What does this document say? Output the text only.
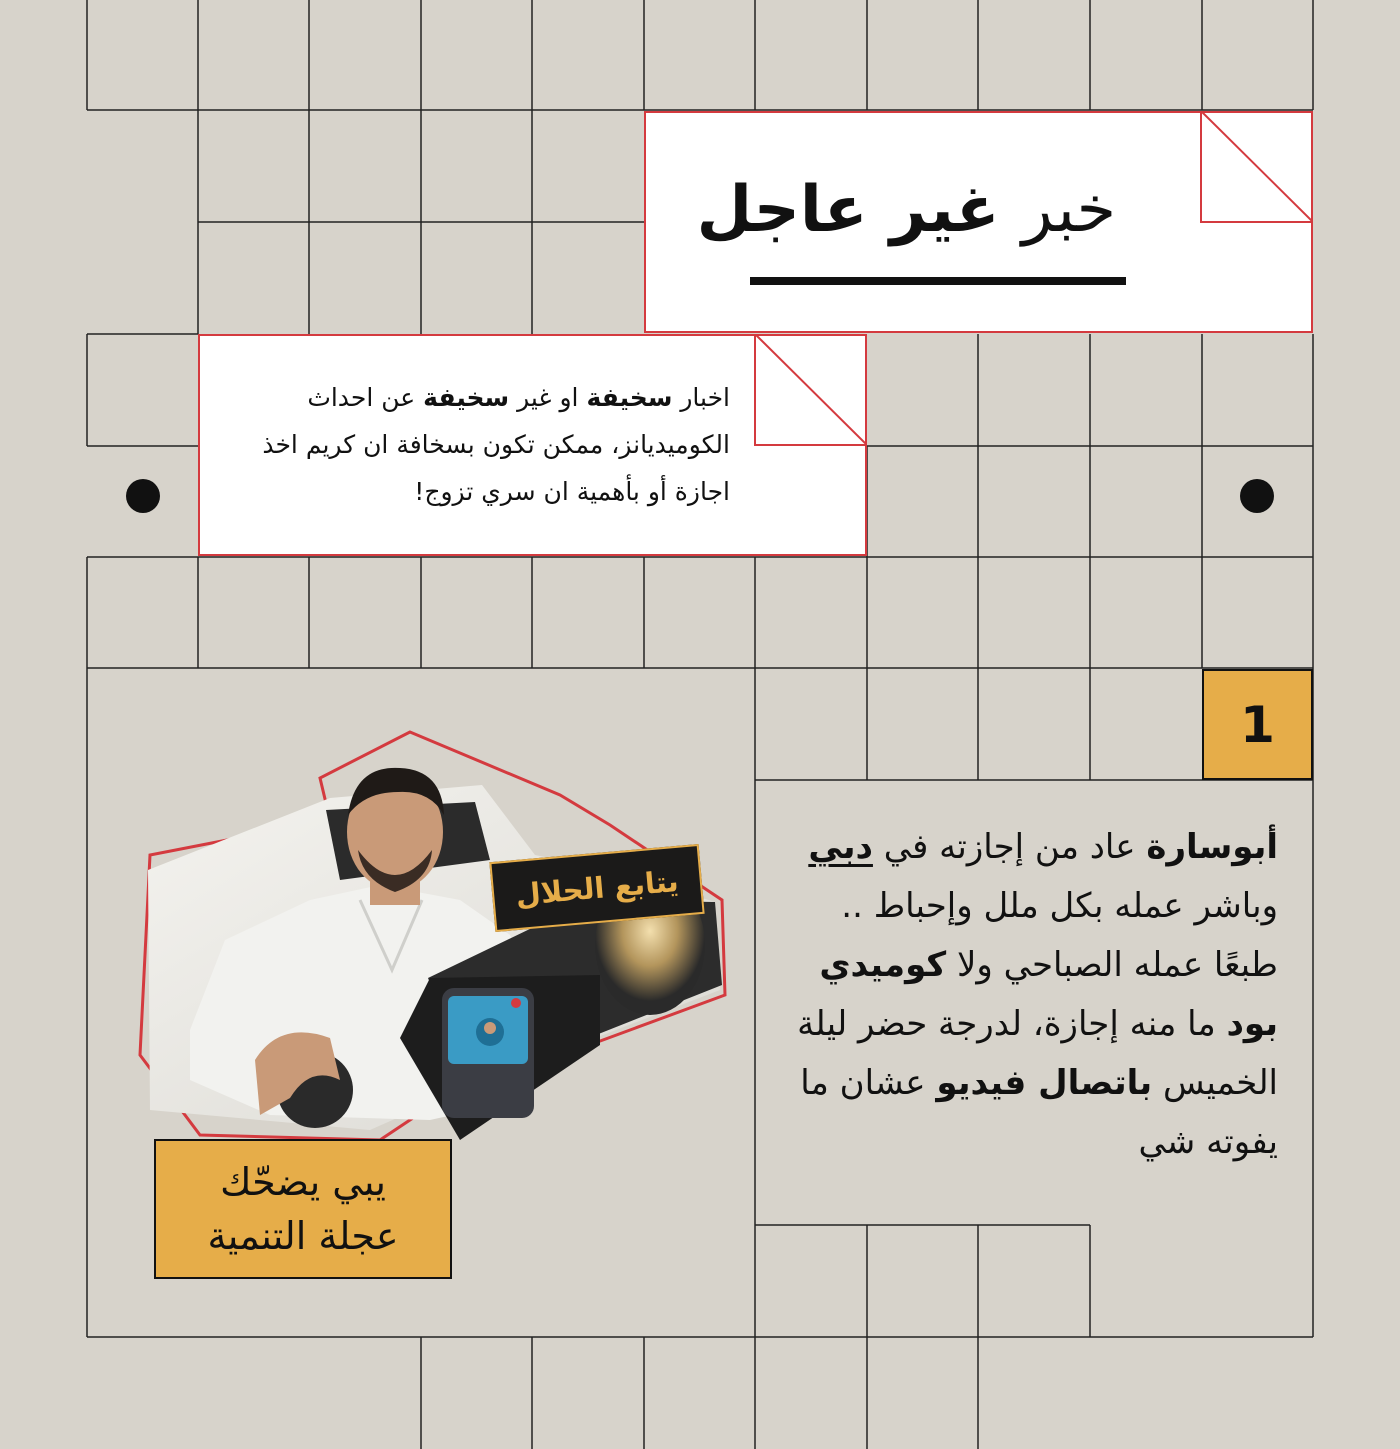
خبر غير عاجل
اخبار سخيفة او غير سخيفة عن احداث الكوميديانز، ممكن تكون بسخافة ان كريم اخذ اجازة أو بأهمية ان سري تزوج!
1
أبوسارة عاد من إجازته في دبي وباشر عمله بكل ملل وإحباط .. طبعًا عمله الصباحي ولا كوميدي بود ما منه إجازة، لدرجة حضر ليلة الخميس باتصال فيديو عشان ما يفوته شي
يتابع الحلال
يبي يضحّك
عجلة التنمية
